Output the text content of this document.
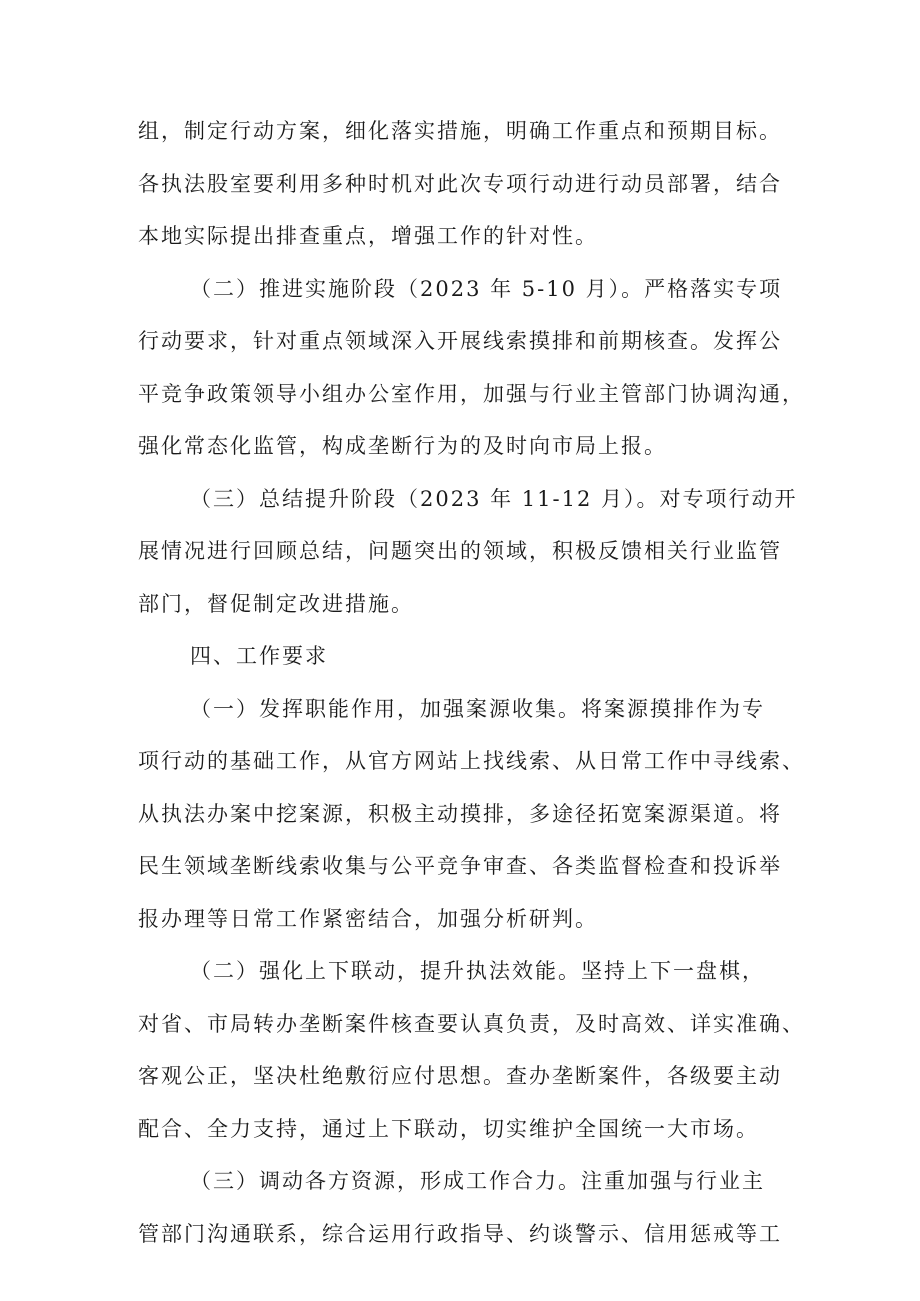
组，制定行动方案，细化落实措施，明确工作重点和预期目标。
各执法股室要利用多种时机对此次专项行动进行动员部署，结合
本地实际提出排查重点，增强工作的针对性。
（二）推进实施阶段（2023 年 5-10 月）。严格落实专项
行动要求，针对重点领域深入开展线索摸排和前期核查。发挥公
平竞争政策领导小组办公室作用，加强与行业主管部门协调沟通，
强化常态化监管，构成垄断行为的及时向市局上报。
（三）总结提升阶段（2023 年 11-12 月）。对专项行动开
展情况进行回顾总结，问题突出的领域，积极反馈相关行业监管
部门，督促制定改进措施。
四、工作要求
（一）发挥职能作用，加强案源收集。将案源摸排作为专
项行动的基础工作，从官方网站上找线索、从日常工作中寻线索、
从执法办案中挖案源，积极主动摸排，多途径拓宽案源渠道。将
民生领域垄断线索收集与公平竞争审查、各类监督检查和投诉举
报办理等日常工作紧密结合，加强分析研判。
（二）强化上下联动，提升执法效能。坚持上下一盘棋，
对省、市局转办垄断案件核查要认真负责，及时高效、详实准确、
客观公正，坚决杜绝敷衍应付思想。查办垄断案件，各级要主动
配合、全力支持，通过上下联动，切实维护全国统一大市场。
（三）调动各方资源，形成工作合力。注重加强与行业主
管部门沟通联系，综合运用行政指导、约谈警示、信用惩戒等工
